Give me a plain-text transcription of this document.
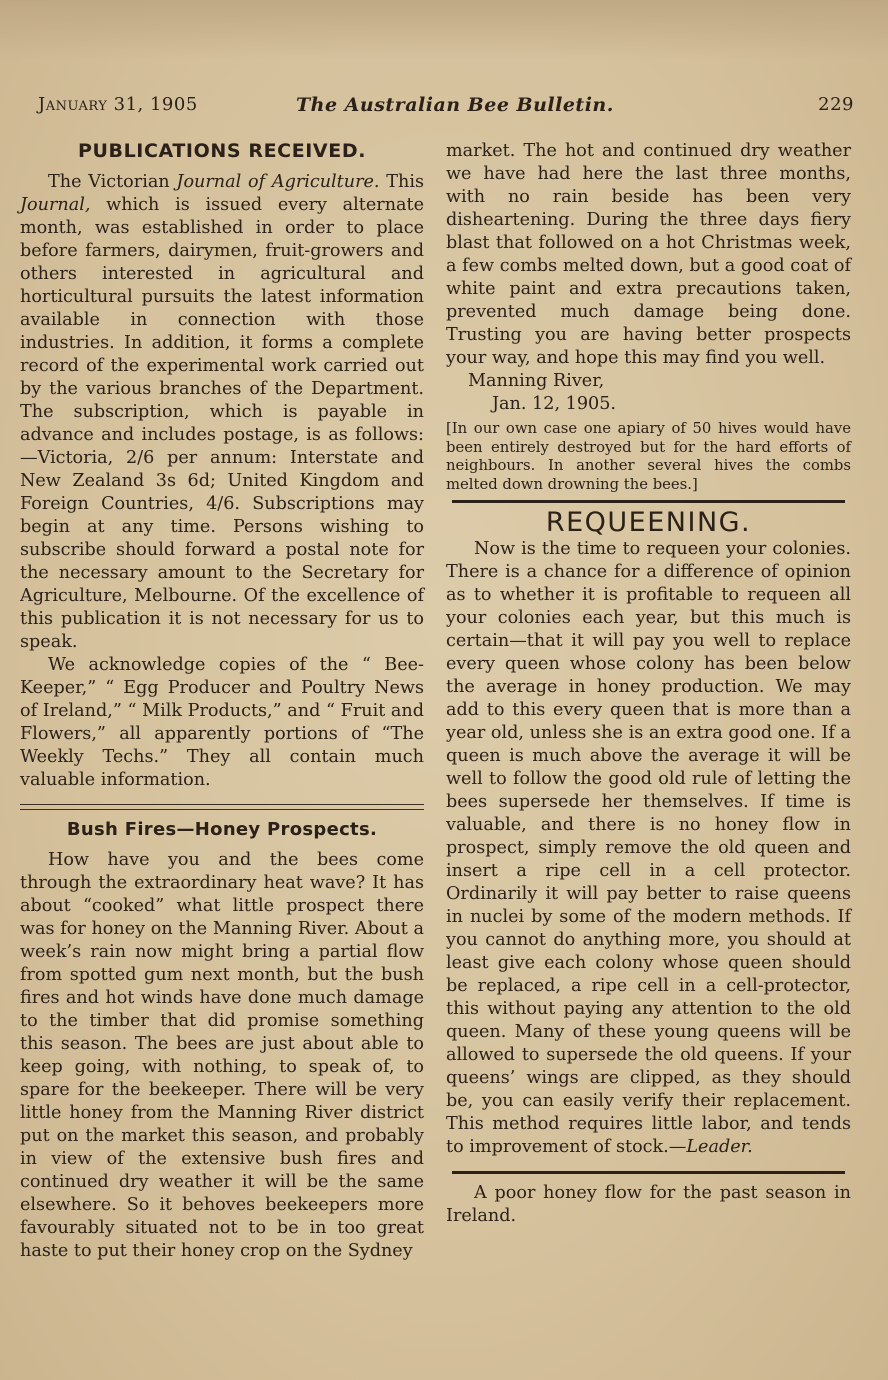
January 31, 1905	The Australian Bee Bulletin.	229
PUBLICATIONS RECEIVED.

The Victorian Journal of Agriculture. This Journal, which is issued every alternate month, was established in order to place before farmers, dairymen, fruit-growers and others interested in agricultural and horticultural pursuits the latest information available in connection with those industries. In addition, it forms a complete record of the experimental work carried out by the various branches of the Department. The subscription, which is payable in advance and includes postage, is as follows:—Victoria, 2/6 per annum: Interstate and New Zealand 3s 6d; United Kingdom and Foreign Countries, 4/6. Subscriptions may begin at any time. Persons wishing to subscribe should forward a postal note for the necessary amount to the Secretary for Agriculture, Melbourne. Of the excellence of this publication it is not necessary for us to speak.

We acknowledge copies of the “ Bee-Keeper,” “ Egg Producer and Poultry News of Ireland,” “ Milk Products,” and “ Fruit and Flowers,” all apparently portions of “The Weekly Techs.” They all contain much valuable information.

Bush Fires—Honey Prospects.

How have you and the bees come through the extraordinary heat wave? It has about “cooked” what little prospect there was for honey on the Manning River. About a week’s rain now might bring a partial flow from spotted gum next month, but the bush fires and hot winds have done much damage to the timber that did promise something this season. The bees are just about able to keep going, with nothing, to speak of, to spare for the beekeeper. There will be very little honey from the Manning River district put on the market this season, and probably in view of the extensive bush fires and continued dry weather it will be the same elsewhere. So it behoves beekeepers more favourably situated not to be in too great haste to put their honey crop on the Sydney

market. The hot and continued dry weather we have had here the last three months, with no rain beside has been very disheartening. During the three days fiery blast that followed on a hot Christmas week, a few combs melted down, but a good coat of white paint and extra precautions taken, prevented much damage being done. Trusting you are having better prospects your way, and hope this may find you well.

Manning River,

Jan. 12, 1905.

[In our own case one apiary of 50 hives would have been entirely destroyed but for the hard efforts of neighbours. In another several hives the combs melted down drowning the bees.]

REQUEENING.

Now is the time to requeen your colonies. There is a chance for a difference of opinion as to whether it is profitable to requeen all your colonies each year, but this much is certain—that it will pay you well to replace every queen whose colony has been below the average in honey production. We may add to this every queen that is more than a year old, unless she is an extra good one. If a queen is much above the average it will be well to follow the good old rule of letting the bees supersede her themselves. If time is valuable, and there is no honey flow in prospect, simply remove the old queen and insert a ripe cell in a cell protector. Ordinarily it will pay better to raise queens in nuclei by some of the modern methods. If you cannot do anything more, you should at least give each colony whose queen should be replaced, a ripe cell in a cell-protector, this without paying any attention to the old queen. Many of these young queens will be allowed to supersede the old queens. If your queens’ wings are clipped, as they should be, you can easily verify their replacement. This method requires little labor, and tends to improvement of stock.—Leader.

A poor honey flow for the past season in Ireland.
